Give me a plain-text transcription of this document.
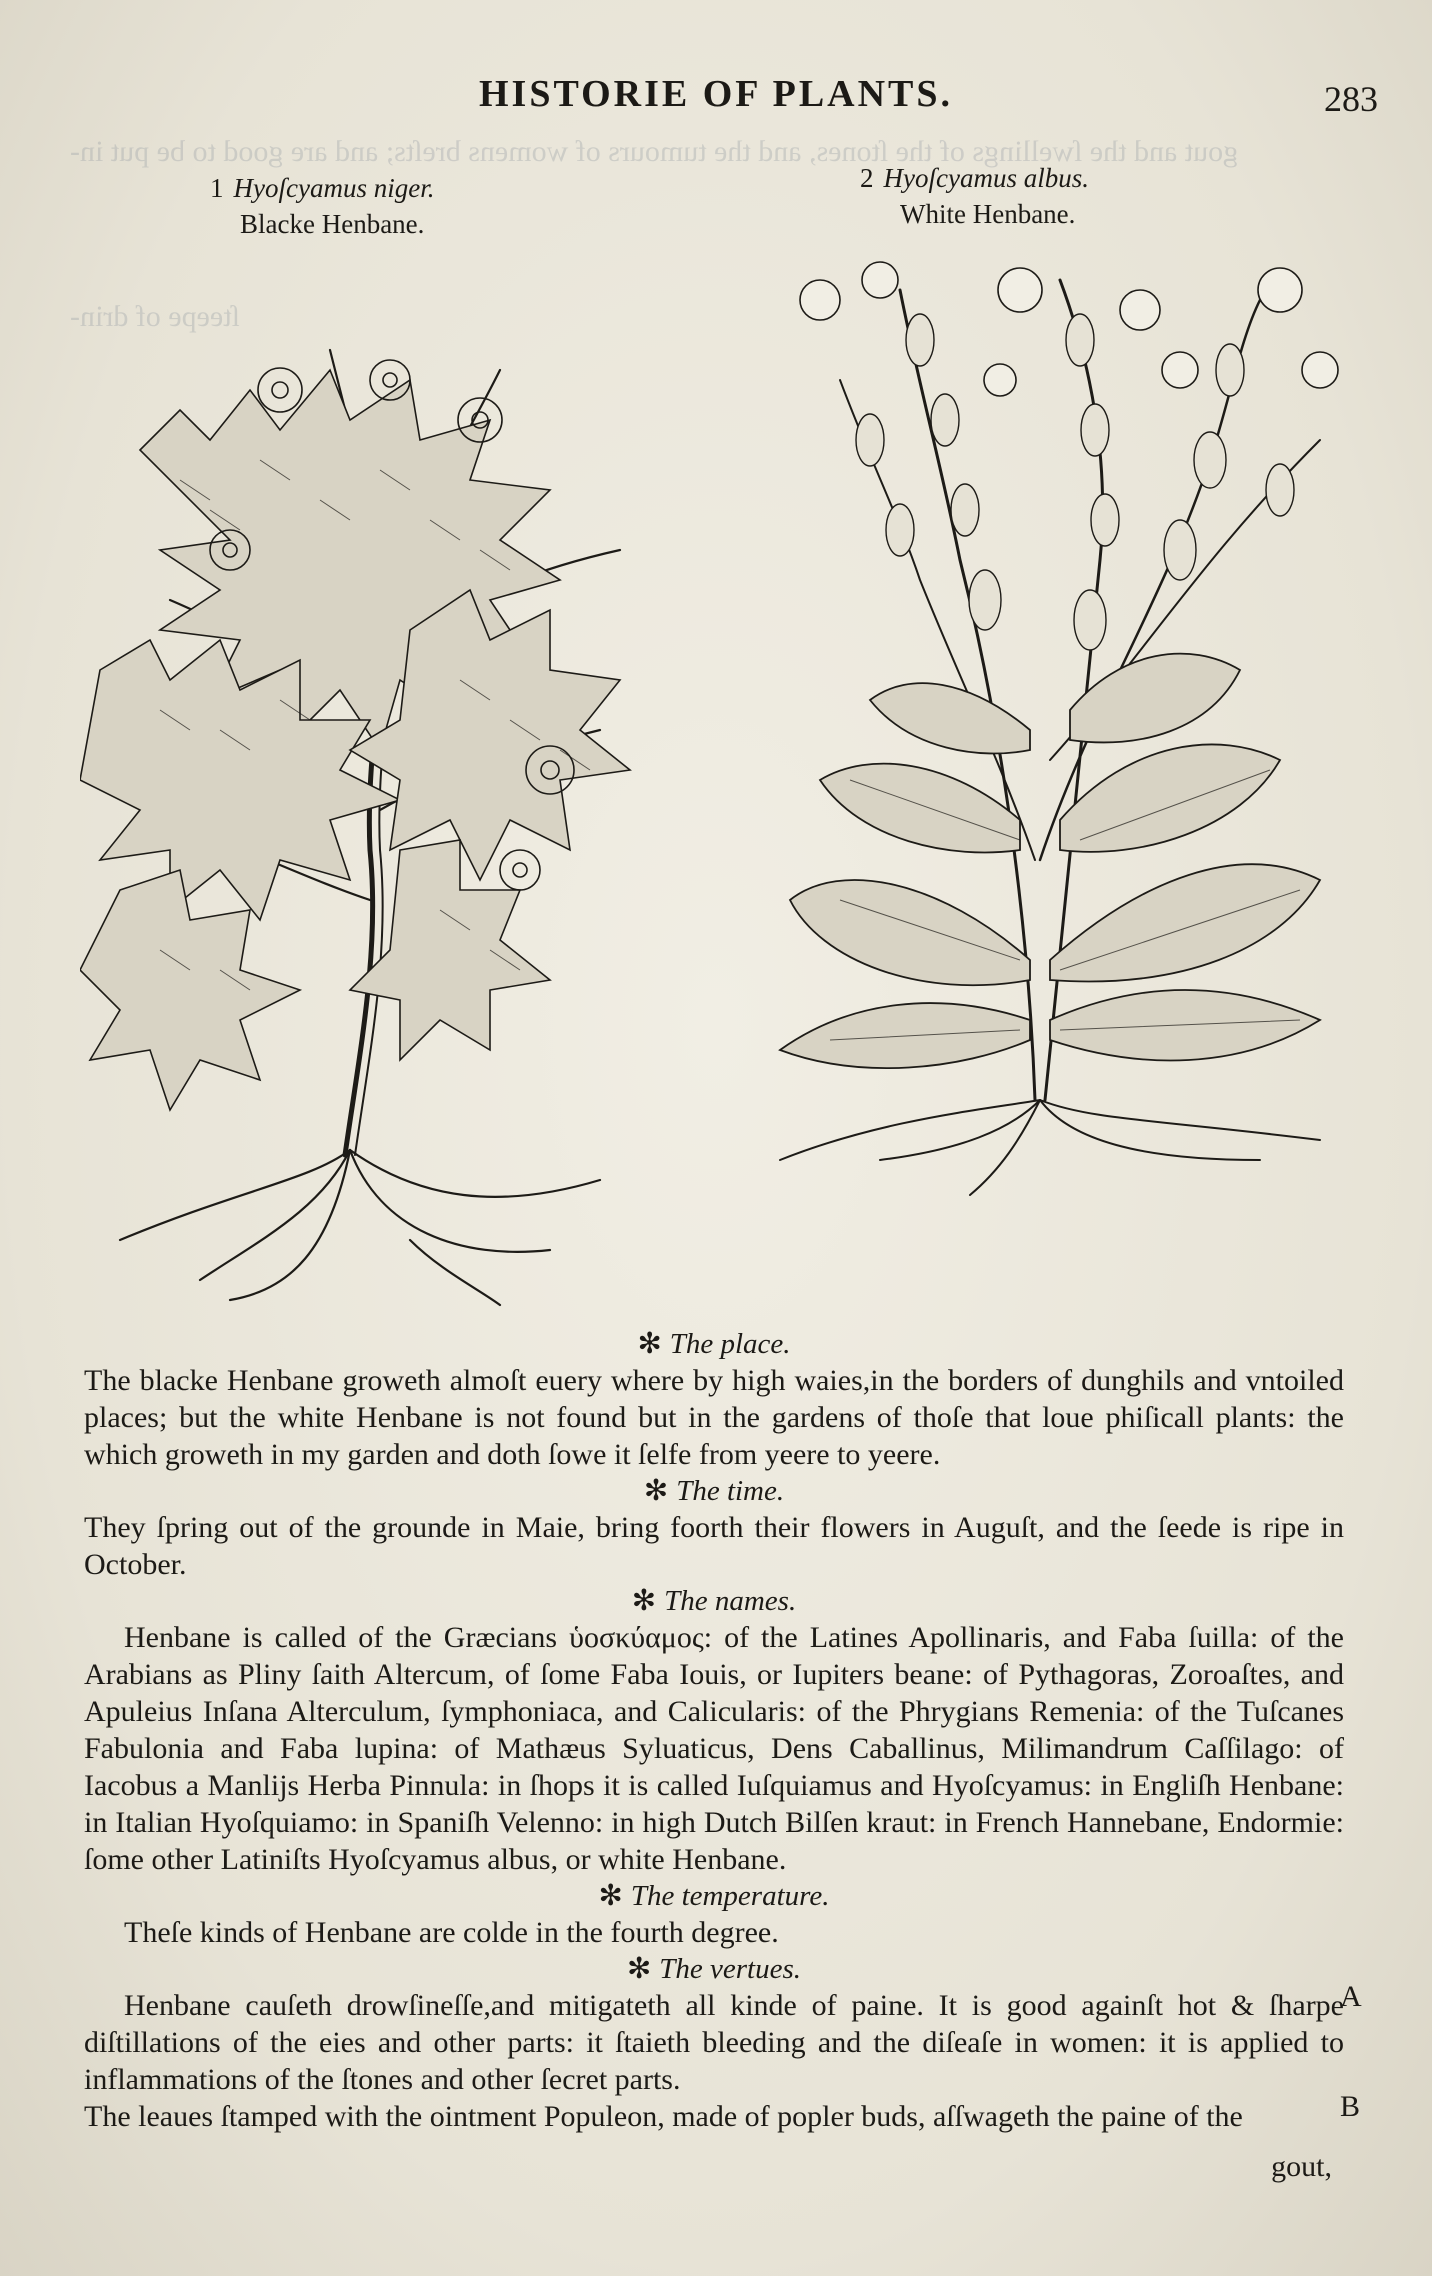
gout and the ſwellings of the ſtones, and the tumours of womens breſts; and are good to be put in-
ſteepe of drin-
HISTORIE OF PLANTS.	283
1 Hyoſcyamus niger.
Blacke Henbane.
2 Hyoſcyamus albus.
White Henbane.
✻ The place.

The blacke Henbane groweth almoſt euery where by high waies,in the borders of dunghils and vntoiled places; but the white Henbane is not found but in the gardens of thoſe that loue phiſicall plants: the which groweth in my garden and doth ſowe it ſelfe from yeere to yeere.

✻ The time.

They ſpring out of the grounde in Maie, bring foorth their flowers in Auguſt, and the ſeede is ripe in October.

✻ The names.

Henbane is called of the Græcians ὑοσκύαμος: of the Latines Apollinaris, and Faba ſuilla: of the Arabians as Pliny ſaith Altercum, of ſome Faba Iouis, or Iupiters beane: of Pythagoras, Zoroaſtes, and Apuleius Inſana Alterculum, ſymphoniaca, and Calicularis: of the Phrygians Remenia: of the Tuſcanes Fabulonia and Faba lupina: of Mathæus Syluaticus, Dens Caballinus, Milimandrum Caſſilago: of Iacobus a Manlijs Herba Pinnula: in ſhops it is called Iuſquiamus and Hyoſcyamus: in Engliſh Henbane: in Italian Hyoſquiamo: in Spaniſh Velenno: in high Dutch Bilſen kraut: in French Hannebane, Endormie: ſome other Latiniſts Hyoſcyamus albus, or white Henbane.

✻ The temperature.

Theſe kinds of Henbane are colde in the fourth degree.

✻ The vertues.

Henbane cauſeth drowſineſſe,and mitigateth all kinde of paine. It is good againſt hot & ſharpe diſtillations of the eies and other parts: it ſtaieth bleeding and the diſeaſe in women: it is applied to inflammations of the ſtones and other ſecret parts.

The leaues ſtamped with the ointment Populeon, made of popler buds, aſſwageth the paine of the

A
B
gout,
